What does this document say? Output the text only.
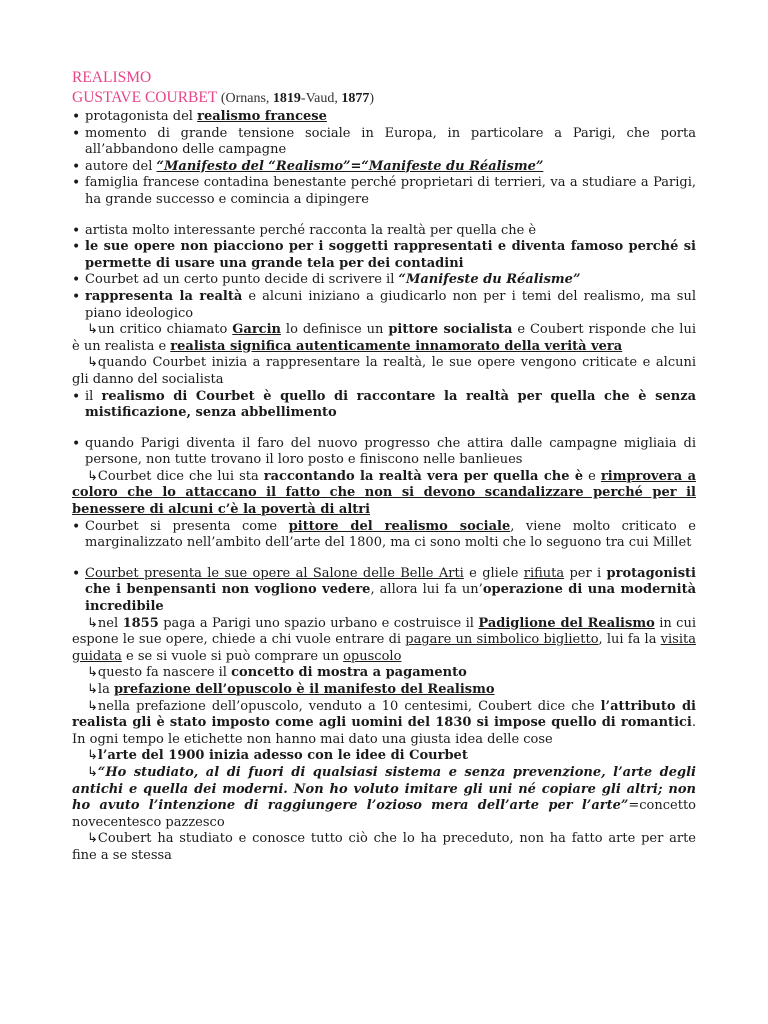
REALISMO
GUSTAVE COURBET (Ornans, 1819-Vaud, 1877)

• protagonista del realismo francese

• momento di grande tensione sociale in Europa, in particolare a Parigi, che porta all’abbandono delle campagne

• autore del “Manifesto del “Realismo”=“Manifeste du Réalisme”

• famiglia francese contadina benestante perché proprietari di terrieri, va a studiare a Parigi, ha grande successo e comincia a dipingere

• artista molto interessante perché racconta la realtà per quella che è

• le sue opere non piacciono per i soggetti rappresentati e diventa famoso perché si permette di usare una grande tela per dei contadini

• Courbet ad un certo punto decide di scrivere il “Manifeste du Réalisme”

• rappresenta la realtà e alcuni iniziano a giudicarlo non per i temi del realismo, ma sul piano ideologico

↳un critico chiamato Garcin lo definisce un pittore socialista e Coubert risponde che lui è un realista e realista significa autenticamente innamorato della verità vera

↳quando Courbet inizia a rappresentare la realtà, le sue opere vengono criticate e alcuni gli danno del socialista

• il realismo di Courbet è quello di raccontare la realtà per quella che è senza mistificazione, senza abbellimento

• quando Parigi diventa il faro del nuovo progresso che attira dalle campagne migliaia di persone, non tutte trovano il loro posto e finiscono nelle banlieues

↳Courbet dice che lui sta raccontando la realtà vera per quella che è e rimprovera a coloro che lo attaccano il fatto che non si devono scandalizzare perché per il benessere di alcuni c’è la povertà di altri

• Courbet si presenta come pittore del realismo sociale, viene molto criticato e marginalizzato nell’ambito dell’arte del 1800, ma ci sono molti che lo seguono tra cui Millet

• Courbet presenta le sue opere al Salone delle Belle Arti e gliele rifiuta per i protagonisti che i benpensanti non vogliono vedere, allora lui fa un’operazione di una modernità incredibile

↳nel 1855 paga a Parigi uno spazio urbano e costruisce il Padiglione del Realismo in cui espone le sue opere, chiede a chi vuole entrare di pagare un simbolico biglietto, lui fa la visita guidata e se si vuole si può comprare un opuscolo

↳questo fa nascere il concetto di mostra a pagamento

↳la prefazione dell’opuscolo è il manifesto del Realismo

↳nella prefazione dell’opuscolo, venduto a 10 centesimi, Coubert dice che l’attributo di realista gli è stato imposto come agli uomini del 1830 si impose quello di romantici. In ogni tempo le etichette non hanno mai dato una giusta idea delle cose

↳l’arte del 1900 inizia adesso con le idee di Courbet

↳“Ho studiato, al di fuori di qualsiasi sistema e senza prevenzione, l’arte degli antichi e quella dei moderni. Non ho voluto imitare gli uni né copiare gli altri; non ho avuto l’intenzione di raggiungere l’ozioso mera dell’arte per l’arte”=concetto novecentesco pazzesco

↳Coubert ha studiato e conosce tutto ciò che lo ha preceduto, non ha fatto arte per arte fine a se stessa
